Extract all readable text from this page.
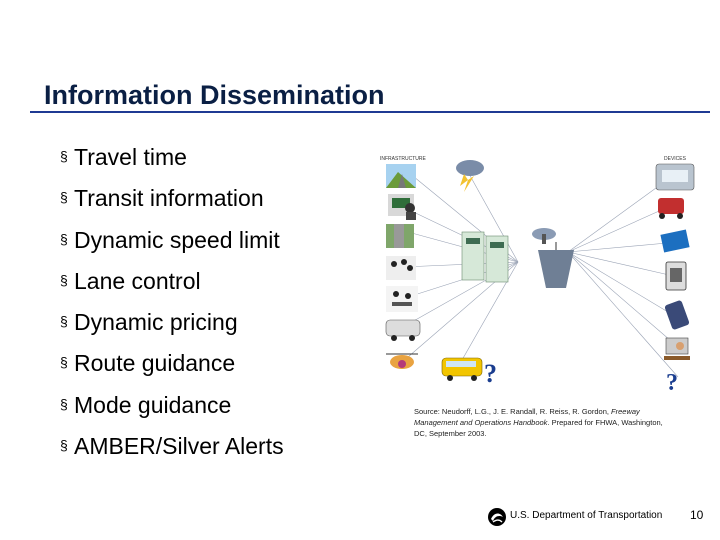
Information Dissemination
§ Travel time
§ Transit information
§ Dynamic speed limit
§ Lane control
§ Dynamic pricing
§ Route guidance
§ Mode guidance
§ AMBER/Silver Alerts
INFRASTRUCTURE	DEVICES
?	?
Source: Neudorff, L.G., J. E. Randall, R. Reiss, R. Gordon, Freeway Management and Operations Handbook. Prepared for FHWA, Washington, DC, September 2003.
U.S. Department of Transportation 10
